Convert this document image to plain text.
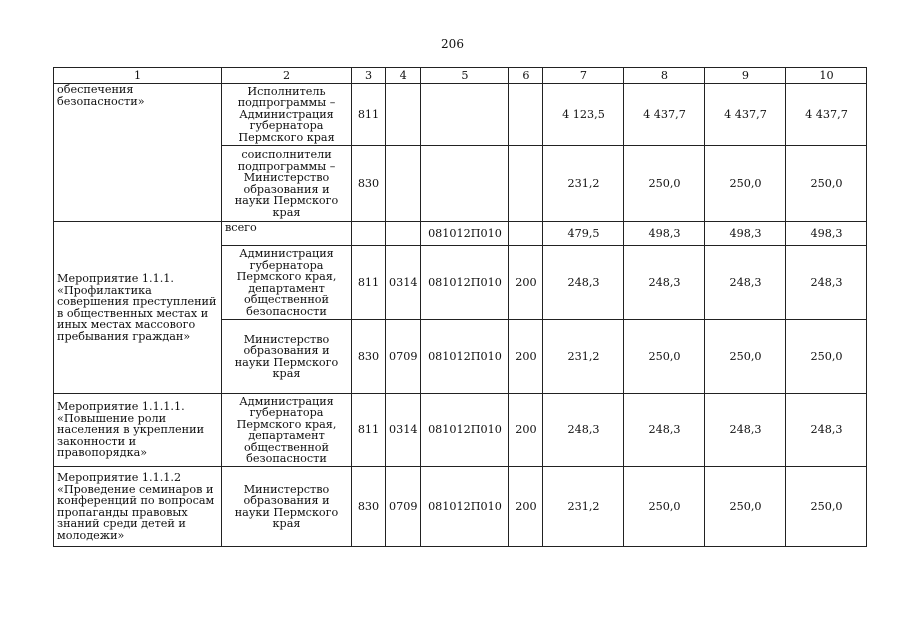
206
1	2	3	4	5	6	7	8	9	10
обеспечения безопасности»	Исполнитель подпрограммы – Администрация губернатора Пермского края	811				4 123,5	4 437,7	4 437,7	4 437,7
	соисполнители подпрограммы – Министерство образования и науки Пермского края	830				231,2	250,0	250,0	250,0
Мероприятие 1.1.1. «Профилактика совершения преступлений в общественных местах и иных местах массового пребывания граждан»	всего			081012П010		479,5	498,3	498,3	498,3
	Администрация губернатора Пермского края, департамент общественной безопасности	811	0314	081012П010	200	248,3	248,3	248,3	248,3
	Министерство образования и науки Пермского края	830	0709	081012П010	200	231,2	250,0	250,0	250,0
Мероприятие 1.1.1.1. «Повышение роли населения в укреплении законности и правопорядка»	Администрация губернатора Пермского края, департамент общественной безопасности	811	0314	081012П010	200	248,3	248,3	248,3	248,3
Мероприятие 1.1.1.2 «Проведение семинаров и конференций по вопросам пропаганды правовых знаний среди детей и молодежи»	Министерство образования и науки Пермского края	830	0709	081012П010	200	231,2	250,0	250,0	250,0
